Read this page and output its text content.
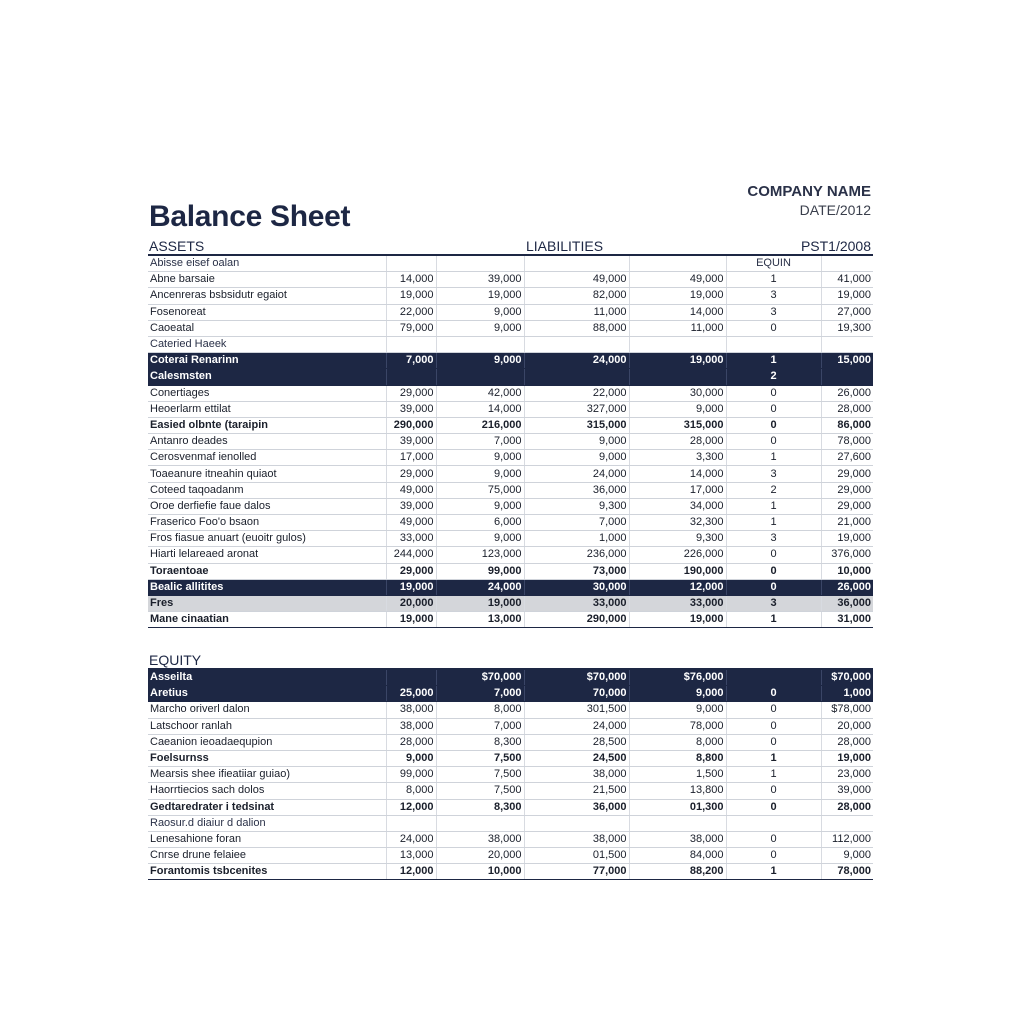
COMPANY NAME
DATE/2012
Balance Sheet
ASSETS	LIABILITIES	PST1/2008
Abisse eisef oalan					EQUIN	
Abne barsaie	14,000	39,000	49,000	49,000	1	41,000
Ancenreras bsbsidutr egaiot	19,000	19,000	82,000	19,000	3	19,000
Fosenoreat	22,000	9,000	11,000	14,000	3	27,000
Caoeatal	79,000	9,000	88,000	11,000	0	19,300
Cateried Haeek						
Coterai Renarinn	7,000	9,000	24,000	19,000	1	15,000
Calesmsten					2	
Conertiages	29,000	42,000	22,000	30,000	0	26,000
Heoerlarm ettilat	39,000	14,000	327,000	9,000	0	28,000
Easied olbnte (taraipin	290,000	216,000	315,000	315,000	0	86,000
Antanro deades	39,000	7,000	9,000	28,000	0	78,000
Cerosvenmaf ienolled	17,000	9,000	9,000	3,300	1	27,600
Toaeanure itneahin quiaot	29,000	9,000	24,000	14,000	3	29,000
Coteed taqoadanm	49,000	75,000	36,000	17,000	2	29,000
Oroe derfiefie faue dalos	39,000	9,000	9,300	34,000	1	29,000
Fraserico Foo'o bsaon	49,000	6,000	7,000	32,300	1	21,000
Fros fiasue anuart (euoitr gulos)	33,000	9,000	1,000	9,300	3	19,000
Hiarti lelareaed aronat	244,000	123,000	236,000	226,000	0	376,000
Toraentoae	29,000	99,000	73,000	190,000	0	10,000
Bealic allitites	19,000	24,000	30,000	12,000	0	26,000
Fres	20,000	19,000	33,000	33,000	3	36,000
Mane cinaatian	19,000	13,000	290,000	19,000	1	31,000
EQUITY
Asseilta		$70,000	$70,000	$76,000		$70,000
Aretius	25,000	7,000	70,000	9,000	0	1,000
Marcho oriverl dalon	38,000	8,000	301,500	9,000	0	$78,000
Latschoor ranlah	38,000	7,000	24,000	78,000	0	20,000
Caeanion ieoadaequpion	28,000	8,300	28,500	8,000	0	28,000
Foelsurnss	9,000	7,500	24,500	8,800	1	19,000
Mearsis shee ifieatiiar guiao)	99,000	7,500	38,000	1,500	1	23,000
Haorrtiecios sach dolos	8,000	7,500	21,500	13,800	0	39,000
Gedtaredrater i tedsinat	12,000	8,300	36,000	01,300	0	28,000
Raosur.d diaiur d dalion						
Lenesahione foran	24,000	38,000	38,000	38,000	0	112,000
Cnrse drune felaiee	13,000	20,000	01,500	84,000	0	9,000
Forantomis tsbcenites	12,000	10,000	77,000	88,200	1	78,000
